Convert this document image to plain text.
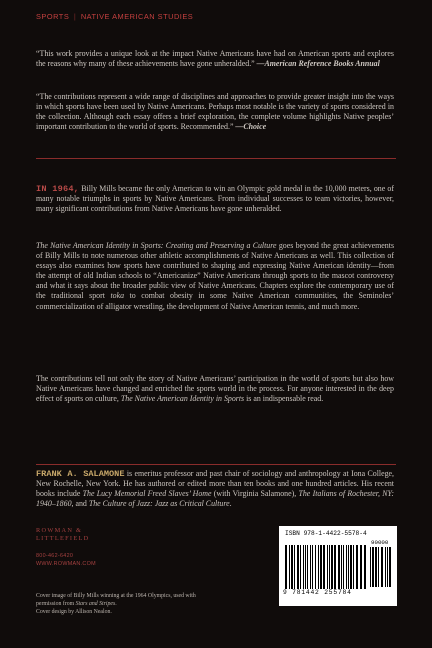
SPORTS | NATIVE AMERICAN STUDIES

“This work provides a unique look at the impact Native Americans have had on American sports and explores the reasons why many of these achievements have gone unheralded.” —American Reference Books Annual

“The contributions represent a wide range of disciplines and approaches to provide greater insight into the ways in which sports have been used by Native Americans. Perhaps most notable is the variety of sports considered in the collection. Although each essay offers a brief exploration, the complete volume highlights Native peoples’ important contribution to the world of sports. Recommended.” —Choice

IN 1964, Billy Mills became the only American to win an Olympic gold medal in the 10,000 meters, one of many notable triumphs in sports by Native Americans. From individual successes to team victories, however, many significant contributions from Native Americans have gone unheralded.

The Native American Identity in Sports: Creating and Preserving a Culture goes beyond the great achievements of Billy Mills to note numerous other athletic accomplishments of Native Americans as well. This collection of essays also examines how sports have contributed to shaping and expressing Native American identity—from the attempt of old Indian schools to “Americanize” Native Americans through sports to the mascot controversy and what it says about the broader public view of Native Americans. Chapters explore the contemporary use of the traditional sport toka to combat obesity in some Native American communities, the Seminoles’ commercialization of alligator wrestling, the development of Native American tennis, and much more.

The contributions tell not only the story of Native Americans’ participation in the world of sports but also how Native Americans have changed and enriched the sports world in the process. For anyone interested in the deep effect of sports on culture, The Native American Identity in Sports is an indispensable read.

FRANK A. SALAMONE is emeritus professor and past chair of sociology and anthropology at Iona College, New Rochelle, New York. He has authored or edited more than ten books and one hundred articles. His recent books include The Lucy Memorial Freed Slaves’ Home (with Virginia Salamone), The Italians of Rochester, NY: 1940–1860, and The Culture of Jazz: Jazz as Critical Culture.

ROWMAN &
LITTLEFIELD
800-462-6420
WWW.ROWMAN.COM
Cover image of Billy Mills winning at the 1964 Olympics, used with permission from Stars and Stripes.
Cover design by Allison Nealon.
ISBN 978-1-4422-5578-4
90000
9 781442 255784
